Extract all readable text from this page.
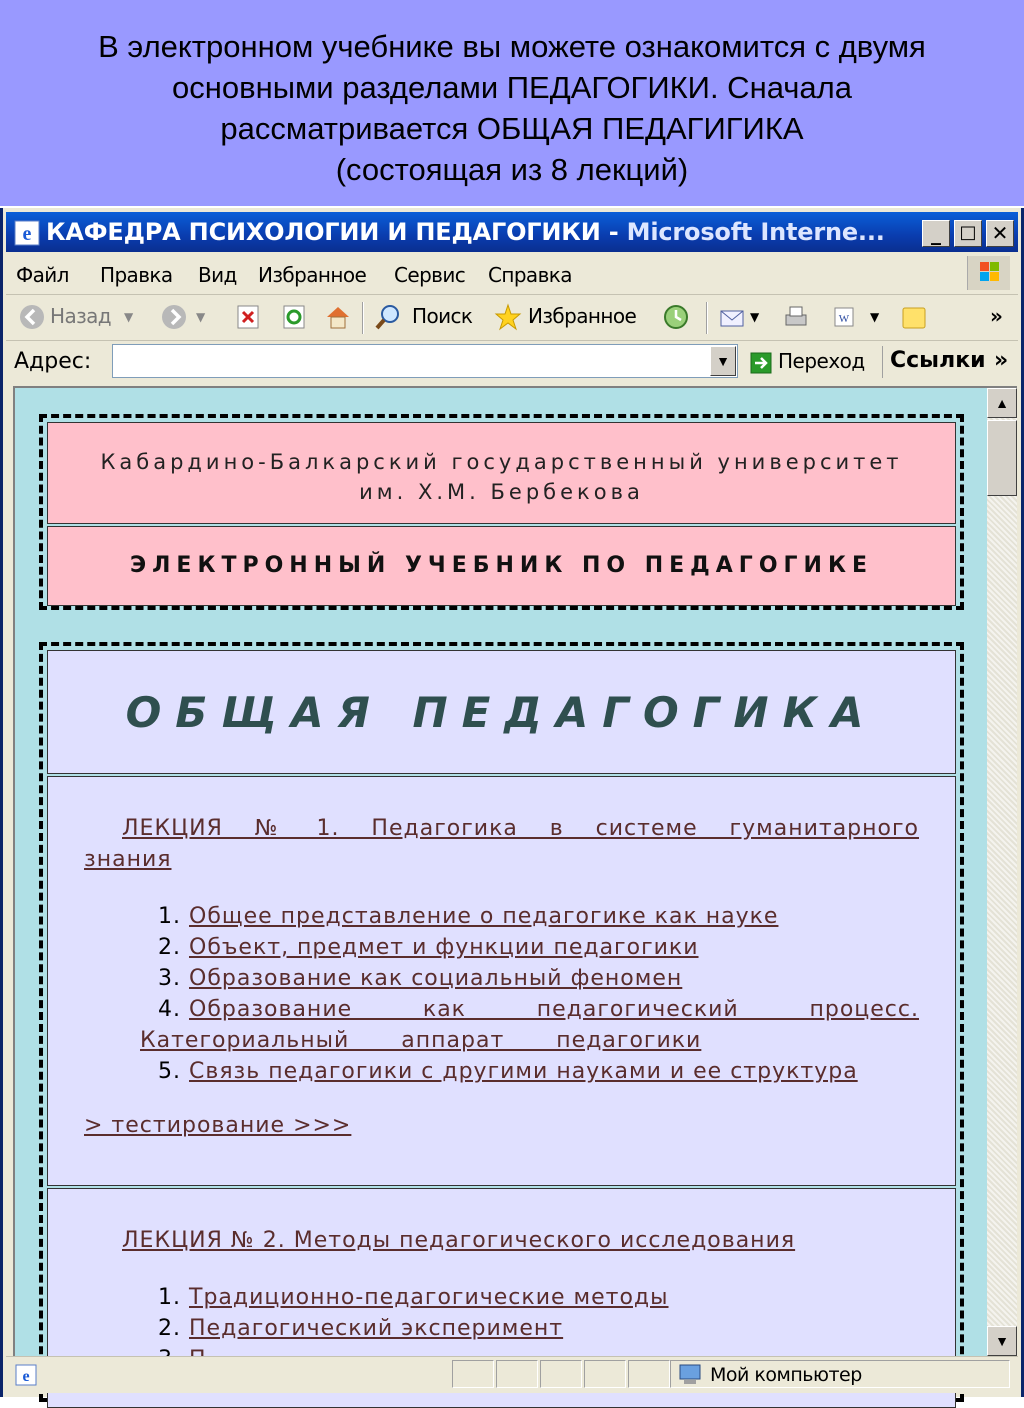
В электронном учебнике вы можете ознакомится с двумя
основными разделами ПЕДАГОГИКИ. Сначала
рассматривается ОБЩАЯ ПЕДАГИГИКА
(состоящая из 8 лекций)
e КАФЕДРА ПСИХОЛОГИИ И ПЕДАГОГИКИ - Microsoft Interne...	_	□ ✕
Файл Правка Вид Избранное Сервис Справка
Назад ▼	▼	Поиск	Избранное	▼	W ▼	»
Адрес:	▼	Переход Ссылки »
Кабардино-Балкарский государственный университет
им. Х.М. Бербекова
ЭЛЕКТРОННЫЙ УЧЕБНИК ПО ПЕДАГОГИКЕ
ОБЩАЯ ПЕДАГОГИКА
ЛЕКЦИЯ № 1. Педагогика в системе гуманитарного знания
1. Общее представление о педагогике как науке
2. Объект, предмет и функции педагогики
3. Образование как социальный феномен
4. Образование как педагогический процесс. Категориальный аппарат педагогики
5. Связь педагогики с другими науками и ее структура
> тестирование >>>
ЛЕКЦИЯ № 2. Методы педагогического исследования
1. Традиционно-педагогические методы
2. Педагогический эксперимент
▲
▼
e	Мой компьютер
